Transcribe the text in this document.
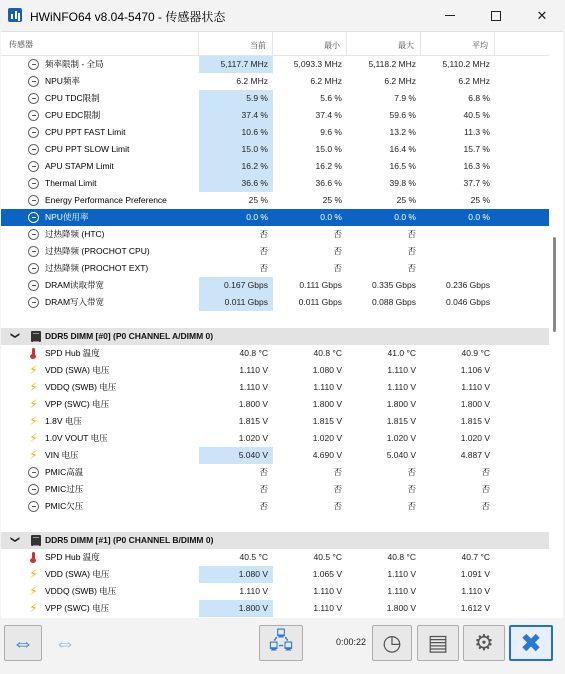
HWiNFO64 v8.04-5470 - 传感器状态	✕
传感器	当前	最小	最大	平均
频率限制 - 全局	5,117.7 MHz	5,093.3 MHz	5,118.2 MHz	5,110.2 MHz
NPU频率	6.2 MHz	6.2 MHz	6.2 MHz	6.2 MHz
CPU TDC限制	5.9 %	5.6 %	7.9 %	6.8 %
CPU EDC限制	37.4 %	37.4 %	59.6 %	40.5 %
CPU PPT FAST Limit	10.6 %	9.6 %	13.2 %	11.3 %
CPU PPT SLOW Limit	15.0 %	15.0 %	16.4 %	15.7 %
APU STAPM Limit	16.2 %	16.2 %	16.5 %	16.3 %
Thermal Limit	36.6 %	36.6 %	39.8 %	37.7 %
Energy Performance Preference	25 %	25 %	25 %	25 %
NPU使用率	0.0 %	0.0 %	0.0 %	0.0 %
过热降频 (HTC)	否	否	否
过热降频 (PROCHOT CPU)	否	否	否
过热降频 (PROCHOT EXT)	否	否	否
DRAM读取带宽	0.167 Gbps	0.111 Gbps	0.335 Gbps	0.236 Gbps
DRAM写入带宽	0.011 Gbps	0.011 Gbps	0.088 Gbps	0.046 Gbps
❯	DDR5 DIMM [#0] (P0 CHANNEL A/DIMM 0)
SPD Hub 温度	40.8 °C	40.8 °C	41.0 °C	40.9 °C
⚡ VDD (SWA) 电压	1.110 V	1.080 V	1.110 V	1.106 V
⚡ VDDQ (SWB) 电压	1.110 V	1.110 V	1.110 V	1.110 V
⚡ VPP (SWC) 电压	1.800 V	1.800 V	1.800 V	1.800 V
⚡ 1.8V 电压	1.815 V	1.815 V	1.815 V	1.815 V
⚡ 1.0V VOUT 电压	1.020 V	1.020 V	1.020 V	1.020 V
⚡ VIN 电压	5.040 V	4.690 V	5.040 V	4.887 V
PMIC高温	否	否	否	否
PMIC过压	否	否	否	否
PMIC欠压	否	否	否	否
❯	DDR5 DIMM [#1] (P0 CHANNEL B/DIMM 0)
SPD Hub 温度	40.5 °C	40.5 °C	40.8 °C	40.7 °C
⚡ VDD (SWA) 电压	1.080 V	1.065 V	1.110 V	1.091 V
⚡ VDDQ (SWB) 电压	1.110 V	1.110 V	1.110 V	1.110 V
⚡ VPP (SWC) 电压	1.800 V	1.110 V	1.800 V	1.612 V
⇔ ⇔	🖧	0:00:22 ◷	▤	⚙	✖
